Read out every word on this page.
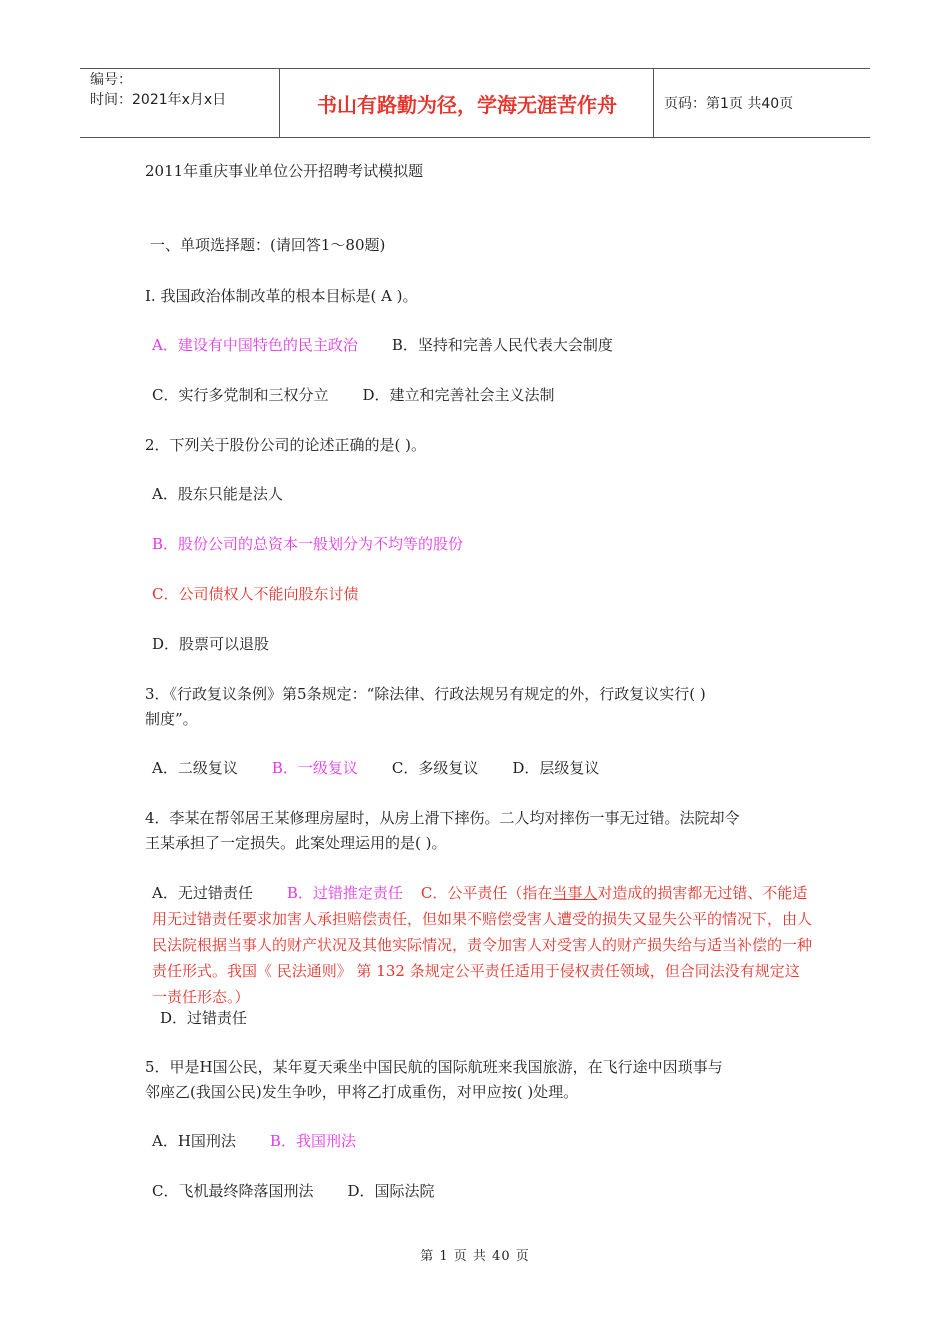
编号：
时间：2021年x月x日	书山有路勤为径，学海无涯苦作舟	页码：第1页 共40页
2011年重庆事业单位公开招聘考试模拟题
一、单项选择题：(请回答1～80题)
I. 我国政治体制改革的根本目标是( A )。
A．建设有中国特色的民主政治 B．坚持和完善人民代表大会制度
C．实行多党制和三权分立 D．建立和完善社会主义法制
2．下列关于股份公司的论述正确的是( )。
B．股份公司的总资本一般划分为不均等的股份
A．股东只能是法人
C．公司债权人不能向股东讨债
D．股票可以退股
3．《行政复议条例》第5条规定：“除法律、行政法规另有规定的外，行政复议实行( )
制度”。
A．二级复议 B．一级复议 C．多级复议 D．层级复议
4．李某在帮邻居王某修理房屋时，从房上滑下摔伤。二人均对摔伤一事无过错。法院却令
王某承担了一定损失。此案处理运用的是( )。
A．无过错责任 B．过错推定责任 C．公平责任（指在当事人对造成的损害都无过错、不能适用无过错责任要求加害人承担赔偿责任，但如果不赔偿受害人遭受的损失又显失公平的情况下，由人民法院根据当事人的财产状况及其他实际情况，责令加害人对受害人的财产损失给与适当补偿的一种责任形式。我国《 民法通则》 第 132 条规定公平责任适用于侵权责任领域，但合同法没有规定这一责任形态。）
D．过错责任
5．甲是H国公民，某年夏天乘坐中国民航的国际航班来我国旅游，在飞行途中因琐事与
邻座乙(我国公民)发生争吵，甲将乙打成重伤，对甲应按( )处理。
A．H国刑法 B．我国刑法
C．飞机最终降落国刑法 D．国际法院
第 1 页 共 40 页
